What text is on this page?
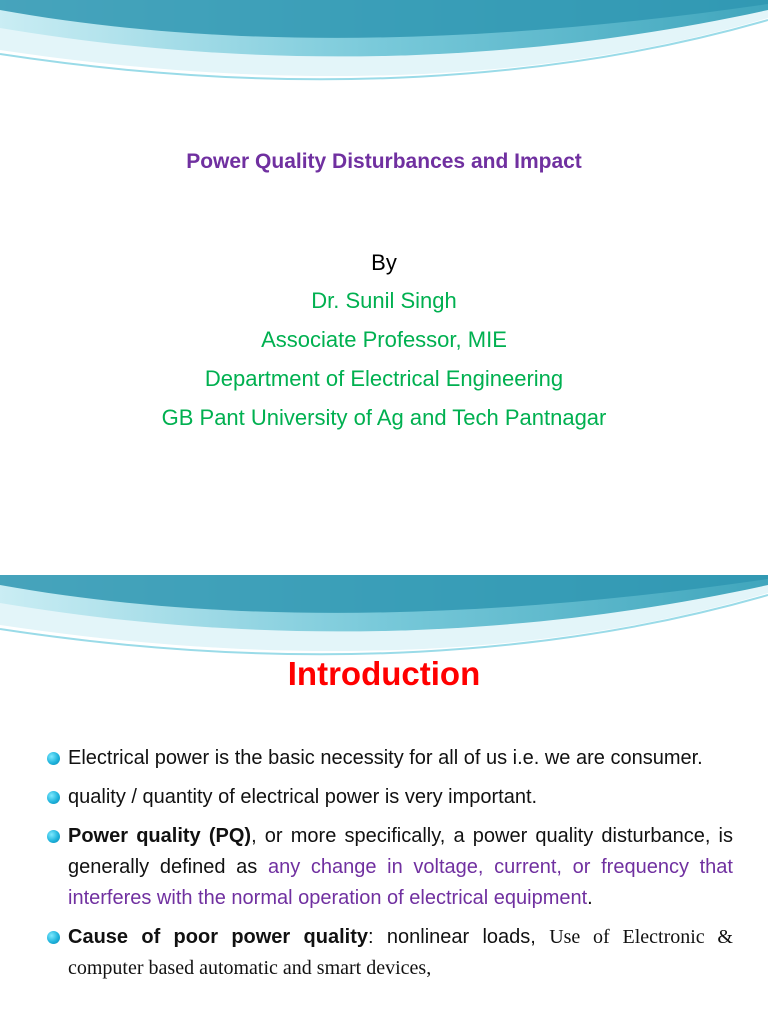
Power Quality Disturbances and Impact
By
Dr. Sunil Singh
Associate Professor, MIE
Department of Electrical Engineering
GB Pant University of Ag and Tech Pantnagar
Introduction
Electrical power is the basic necessity for all of us i.e. we are consumer.
quality / quantity of electrical power is very important.
Power quality (PQ), or more specifically, a power quality disturbance, is generally defined as any change in voltage, current, or frequency that interferes with the normal operation of electrical equipment.
Cause of poor power quality: nonlinear loads, Use of Electronic & computer based automatic and smart devices,
